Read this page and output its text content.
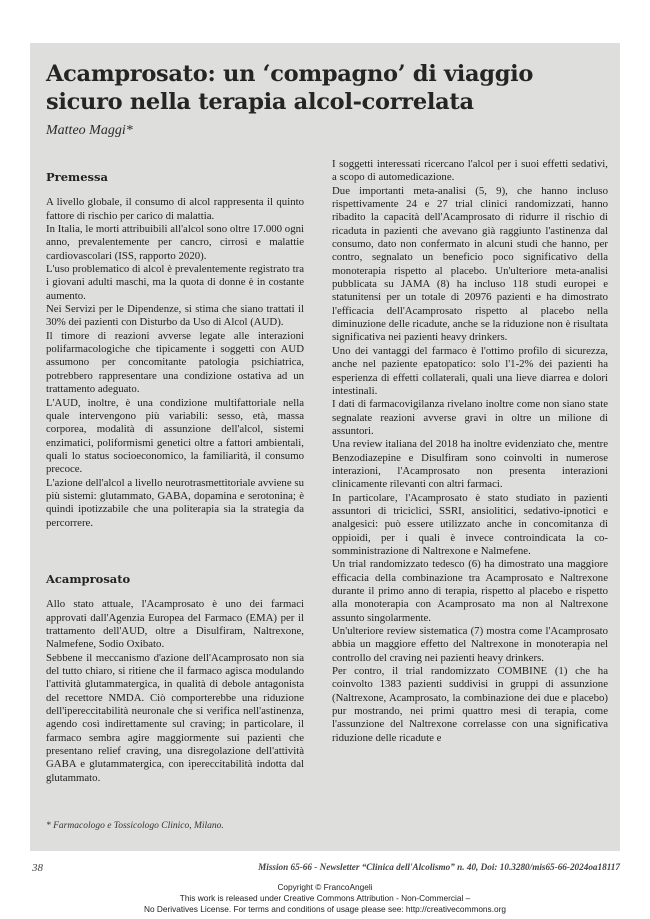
Acamprosato: un ‘compagno’ di viaggio sicuro nella terapia alcol-correlata
Matteo Maggi*
Premessa

A livello globale, il consumo di alcol rappresenta il quinto fattore di rischio per carico di malattia.

In Italia, le morti attribuibili all'alcol sono oltre 17.000 ogni anno, prevalentemente per cancro, cirrosi e malattie cardiovascolari (ISS, rapporto 2020).

L'uso problematico di alcol è prevalentemente registrato tra i giovani adulti maschi, ma la quota di donne è in costante aumento.

Nei Servizi per le Dipendenze, si stima che siano trattati il 30% dei pazienti con Disturbo da Uso di Alcol (AUD).

Il timore di reazioni avverse legate alle interazioni polifarmacologiche che tipicamente i soggetti con AUD assumono per concomitante patologia psichiatrica, potrebbero rappresentare una condizione ostativa ad un trattamento adeguato.

L'AUD, inoltre, è una condizione multifattoriale nella quale intervengono più variabili: sesso, età, massa corporea, modalità di assunzione dell'alcol, sistemi enzimatici, poliformismi genetici oltre a fattori ambientali, quali lo status socioeconomico, la familiarità, il consumo precoce.

L'azione dell'alcol a livello neurotrasmettitoriale avviene su più sistemi: glutammato, GABA, dopamina e serotonina; è quindi ipotizzabile che una politerapia sia la strategia da percorrere.

Acamprosato

Allo stato attuale, l'Acamprosato è uno dei farmaci approvati dall'Agenzia Europea del Farmaco (EMA) per il trattamento dell'AUD, oltre a Disulfiram, Naltrexone, Nalmefene, Sodio Oxibato.

Sebbene il meccanismo d'azione dell'Acamprosato non sia del tutto chiaro, si ritiene che il farmaco agisca modulando l'attività glutammatergica, in qualità di debole antagonista del recettore NMDA. Ciò comporterebbe una riduzione dell'ipereccitabilità neuronale che si verifica nell'astinenza, agendo così indirettamente sul craving; in particolare, il farmaco sembra agire maggiormente sui pazienti che presentano relief craving, una disregolazione dell'attività GABA e glutammatergica, con ipereccitabilità indotta dal glutammato.

I soggetti interessati ricercano l'alcol per i suoi effetti sedativi, a scopo di automedicazione.

Due importanti meta-analisi (5, 9), che hanno incluso rispettivamente 24 e 27 trial clinici randomizzati, hanno ribadito la capacità dell'Acamprosato di ridurre il rischio di ricaduta in pazienti che avevano già raggiunto l'astinenza dal consumo, dato non confermato in alcuni studi che hanno, per contro, segnalato un beneficio poco significativo della monoterapia rispetto al placebo. Un'ulteriore meta-analisi pubblicata su JAMA (8) ha incluso 118 studi europei e statunitensi per un totale di 20976 pazienti e ha dimostrato l'efficacia dell'Acamprosato rispetto al placebo nella diminuzione delle ricadute, anche se la riduzione non è risultata significativa nei pazienti heavy drinkers.

Uno dei vantaggi del farmaco è l'ottimo profilo di sicurezza, anche nel paziente epatopatico: solo l'1-2% dei pazienti ha esperienza di effetti collaterali, quali una lieve diarrea e dolori intestinali.

I dati di farmacovigilanza rivelano inoltre come non siano state segnalate reazioni avverse gravi in oltre un milione di assuntori.

Una review italiana del 2018 ha inoltre evidenziato che, mentre Benzodiazepine e Disulfiram sono coinvolti in numerose interazioni, l'Acamprosato non presenta interazioni clinicamente rilevanti con altri farmaci.

In particolare, l'Acamprosato è stato studiato in pazienti assuntori di triciclici, SSRI, ansiolitici, sedativo-ipnotici e analgesici: può essere utilizzato anche in concomitanza di oppioidi, per i quali è invece controindicata la co-somministrazione di Naltrexone e Nalmefene.

Un trial randomizzato tedesco (6) ha dimostrato una maggiore efficacia della combinazione tra Acamprosato e Naltrexone durante il primo anno di terapia, rispetto al placebo e rispetto alla monoterapia con Acamprosato ma non al Naltrexone assunto singolarmente.

Un'ulteriore review sistematica (7) mostra come l'Acamprosato abbia un maggiore effetto del Naltrexone in monoterapia nel controllo del craving nei pazienti heavy drinkers.

Per contro, il trial randomizzato COMBINE (1) che ha coinvolto 1383 pazienti suddivisi in gruppi di assunzione (Naltrexone, Acamprosato, la combinazione dei due e placebo) pur mostrando, nei primi quattro mesi di terapia, come l'assunzione del Naltrexone correlasse con una significativa riduzione delle ricadute e

* Farmacologo e Tossicologo Clinico, Milano.
38	Mission 65-66 - Newsletter “Clinica dell'Alcolismo” n. 40, Doi: 10.3280/mis65-66-2024oa18117
Copyright © FrancoAngeli
This work is released under Creative Commons Attribution - Non-Commercial –
No Derivatives License. For terms and conditions of usage please see: http://creativecommons.org
